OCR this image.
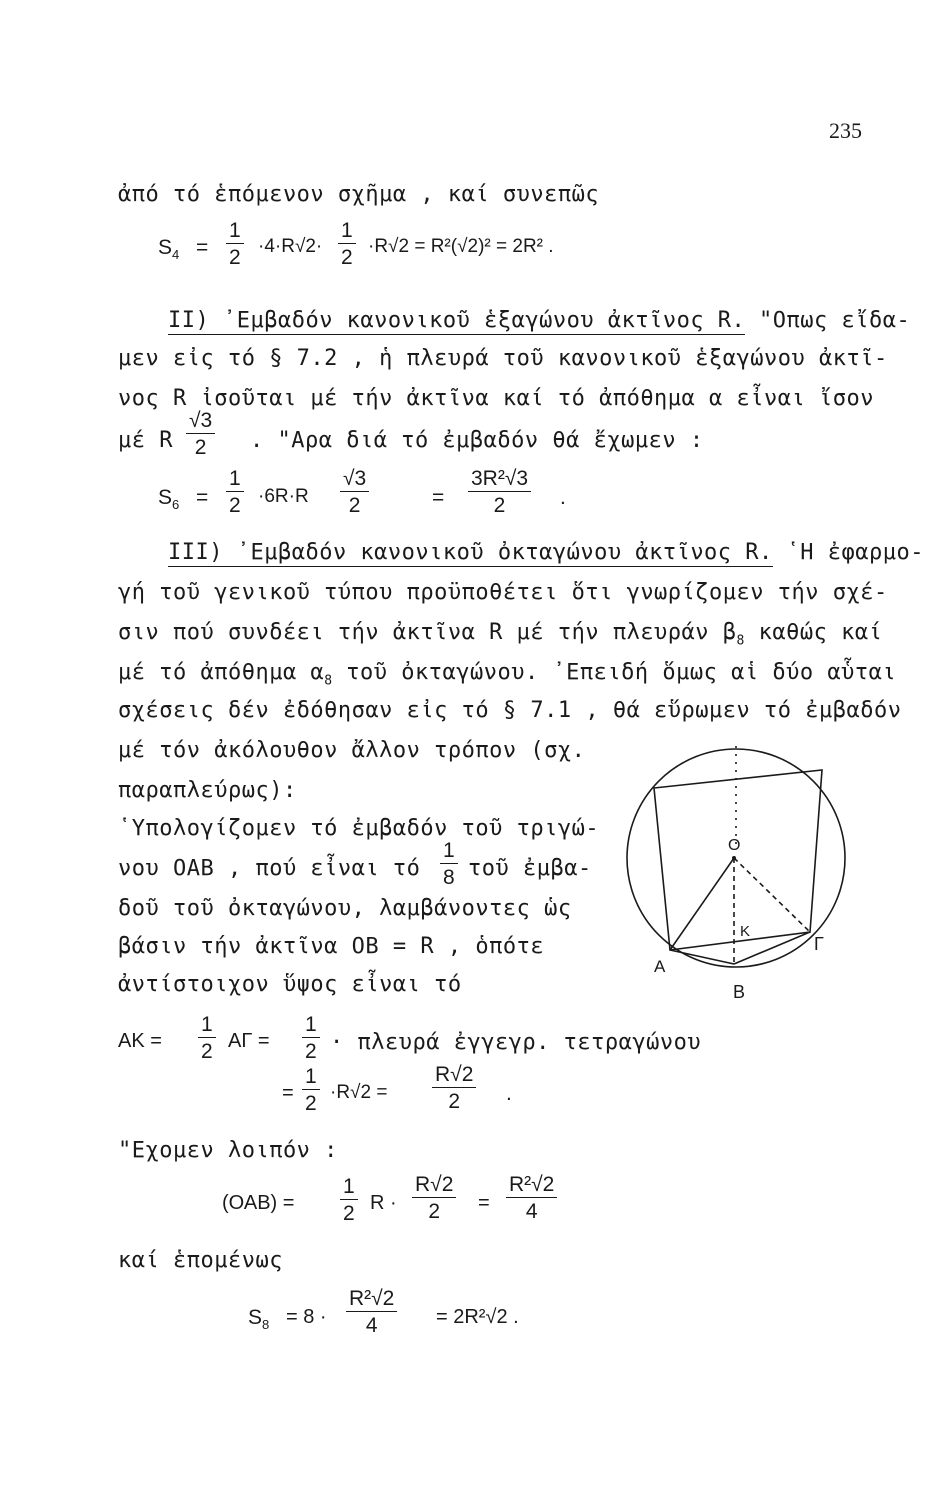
235
ἀπό τό ἑπόμενον σχῆμα , καί συνεπῶς
$S_4 = \frac{1}{2} \cdot 4\cdot R√2\cdot \frac{1}{2} \cdot R√2 = R^2(√2)^2 = 2R^2$ .
II) ᾿Εμβαδόν κανονικοῦ ἑξαγώνου ἀκτῖνος R. "Οπως εἴδα-
μεν εἰς τό § 7.2 , ἡ πλευρά τοῦ κανονικοῦ ἑξαγώνου ἀκτῖ-
νος R ἰσοῦται μέ τήν ἀκτῖνα καί τό ἀπόθημα α εἶναι ἴσον
μέ R $\frac{√3}{2}$ . "Αρα διά τό ἐμβαδόν θά ἔχωμεν :
$S_6 = \frac{1}{2} \cdot 6R\cdot R \frac{√3}{2}$	= $\frac{\text{3R²√3}}{2}$ .
III) ᾿Εμβαδόν κανονικοῦ ὀκταγώνου ἀκτῖνος R. ῾Η ἐφαρμο-
γή τοῦ γενικοῦ τύπου προϋποθέτει ὅτι γνωρίζομεν τήν σχέ-
σιν πού συνδέει τήν ἀκτῖνα R μέ τήν πλευράν $\beta_8$ καθώς καί
μέ τό ἀπόθημα $\alpha_8$ τοῦ ὀκταγώνου. ᾿Επειδή ὅμως αἱ δύο αὗται
σχέσεις δέν ἐδόθησαν εἰς τό § 7.1 , θά εὕρωμεν τό ἐμβαδόν
μέ τόν ἀκόλουθον ἄλλον τρόπον (σχ.
παραπλεύρως):
῾Υπολογίζομεν τό ἐμβαδόν τοῦ τριγώ-
νου ΟΑΒ , πού εἶναι τό $\frac{1}{8}$ τοῦ ἐμβα-
δοῦ τοῦ ὀκταγώνου, λαμβάνοντες ὡς
βάσιν τήν ἀκτῖνα ΟΒ = R , ὁπότε
ἀντίστοιχον ὕψος εἶναι τό
$AK = \frac{1}{2}$ $A\Gamma = \frac{1}{2} \cdot \pi\lambda\varepsilon\upsilon\rho ά$ ἐγγεγρ. τετραγώνου
= $\frac{1}{2} \cdot R√2 = \frac{R√2}{2}$ .
"Εχομεν λοιπόν :
$(OAB) = \frac{1}{2}$ $R \cdot \frac{R√2}{2} = \frac{\text{R²√2}}{4}$
καί ἑπομένως
$S_8 = 8 \cdot \frac{\text{R²√2}}{4} = 2R^2√2$ .
O
K
A
B
Γ
